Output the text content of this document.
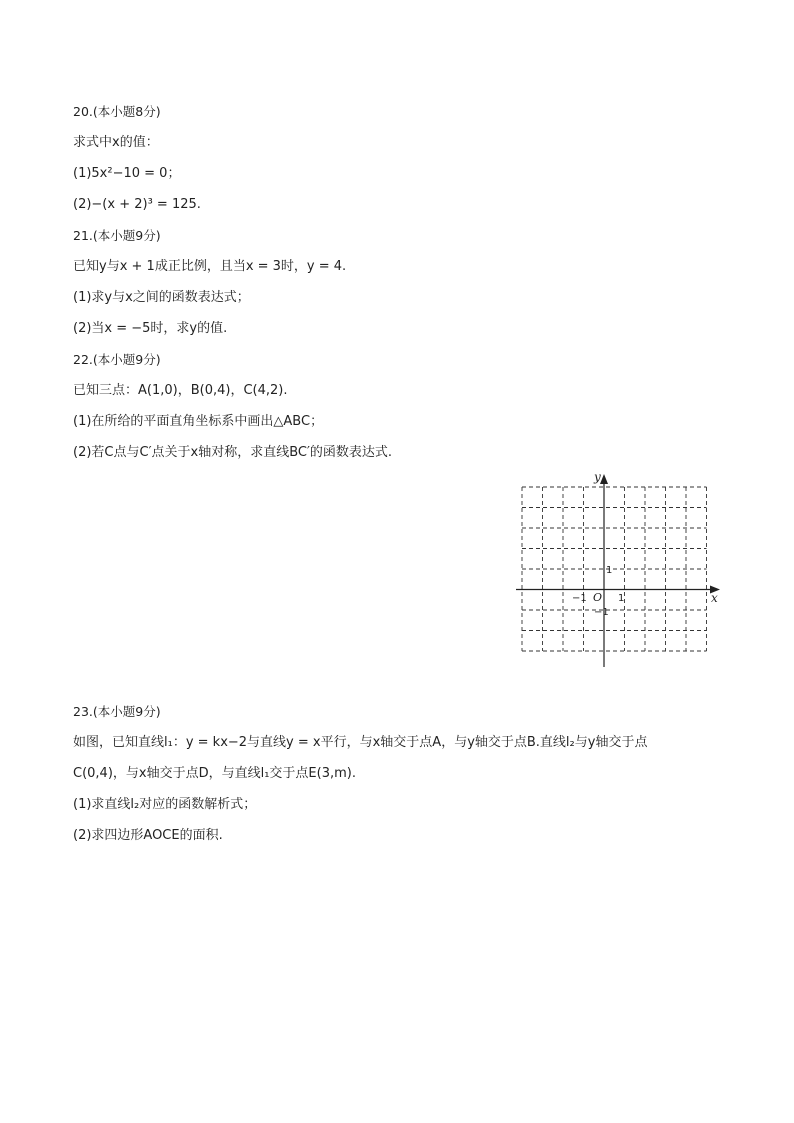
20.(本小题8分)
求式中x的值：
(1)5x²−10 = 0；
(2)−(x + 2)³ = 125.
21.(本小题9分)
已知y与x + 1成正比例，且当x = 3时，y = 4.
(1)求y与x之间的函数表达式；
(2)当x = −5时，求y的值.
22.(本小题9分)
已知三点：A(1,0)，B(0,4)，C(4,2).
(1)在所给的平面直角坐标系中画出△ABC；
(2)若C点与C′点关于x轴对称，求直线BC′的函数表达式.
x
y
O
−1	1
1
−1
23.(本小题9分)
如图，已知直线l₁：y = kx−2与直线y = x平行，与x轴交于点A，与y轴交于点B.直线l₂与y轴交于点
C(0,4)，与x轴交于点D，与直线l₁交于点E(3,m).
(1)求直线l₂对应的函数解析式；
(2)求四边形AOCE的面积.
